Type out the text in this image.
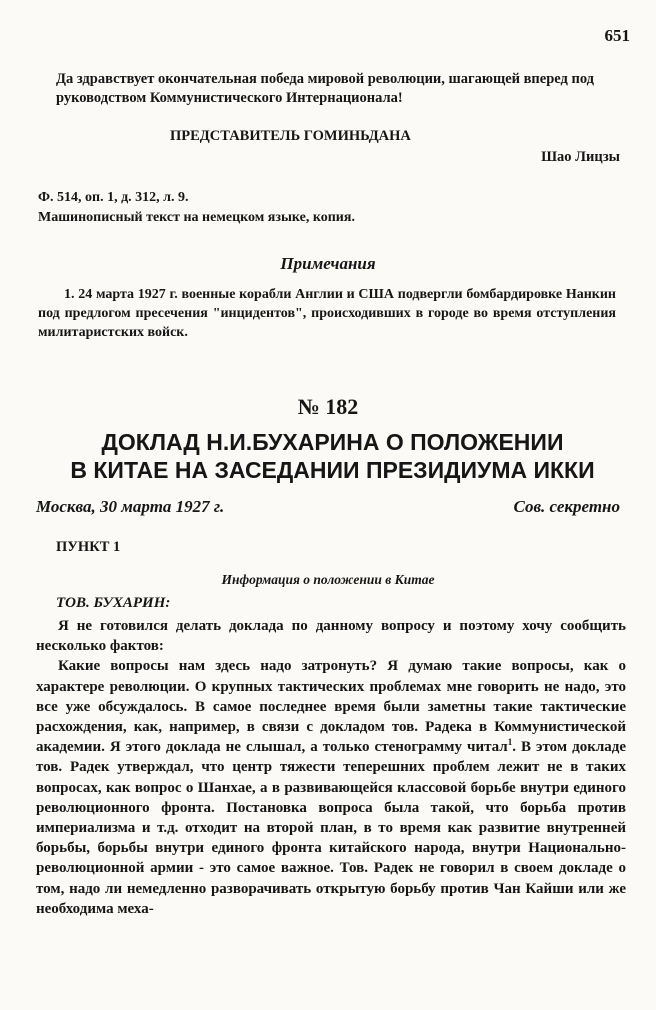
651
Да здравствует окончательная победа мировой революции, шагающей вперед под руководством Коммунистического Интернационала!
ПРЕДСТАВИТЕЛЬ ГОМИНЬДАНА
Шао Лицзы
Ф. 514, оп. 1, д. 312, л. 9.
Машинописный текст на немецком языке, копия.
Примечания
1. 24 марта 1927 г. военные корабли Англии и США подвергли бомбардировке Нанкин под предлогом пресечения "инцидентов", происходивших в городе во время отступления милитаристских войск.
№ 182
ДОКЛАД Н.И.БУХАРИНА О ПОЛОЖЕНИИ
В КИТАЕ НА ЗАСЕДАНИИ ПРЕЗИДИУМА ИККИ
Москва, 30 марта 1927 г.	Сов. секретно
ПУНКТ 1
Информация о положении в Китае
ТОВ. БУХАРИН:

Я не готовился делать доклада по данному вопросу и поэтому хочу сообщить несколько фактов:

Какие вопросы нам здесь надо затронуть? Я думаю такие вопросы, как о характере революции. О крупных тактических проблемах мне говорить не надо, это все уже обсуждалось. В самое последнее время были заметны такие тактические расхождения, как, например, в связи с докладом тов. Радека в Коммунистической академии. Я этого доклада не слышал, а только стенограмму читал$^1$. В этом докладе тов. Радек утверждал, что центр тяжести теперешних проблем лежит не в таких вопросах, как вопрос о Шанхае, а в развивающейся классовой борьбе внутри единого революционного фронта. Постановка вопроса была такой, что борьба против империализма и т.д. отходит на второй план, в то время как развитие внутренней борьбы, борьбы внутри единого фронта китайского народа, внутри Национально-революционной армии - это самое важное. Тов. Радек не говорил в своем докладе о том, надо ли немедленно разворачивать открытую борьбу против Чан Кайши или же необходима меха-
